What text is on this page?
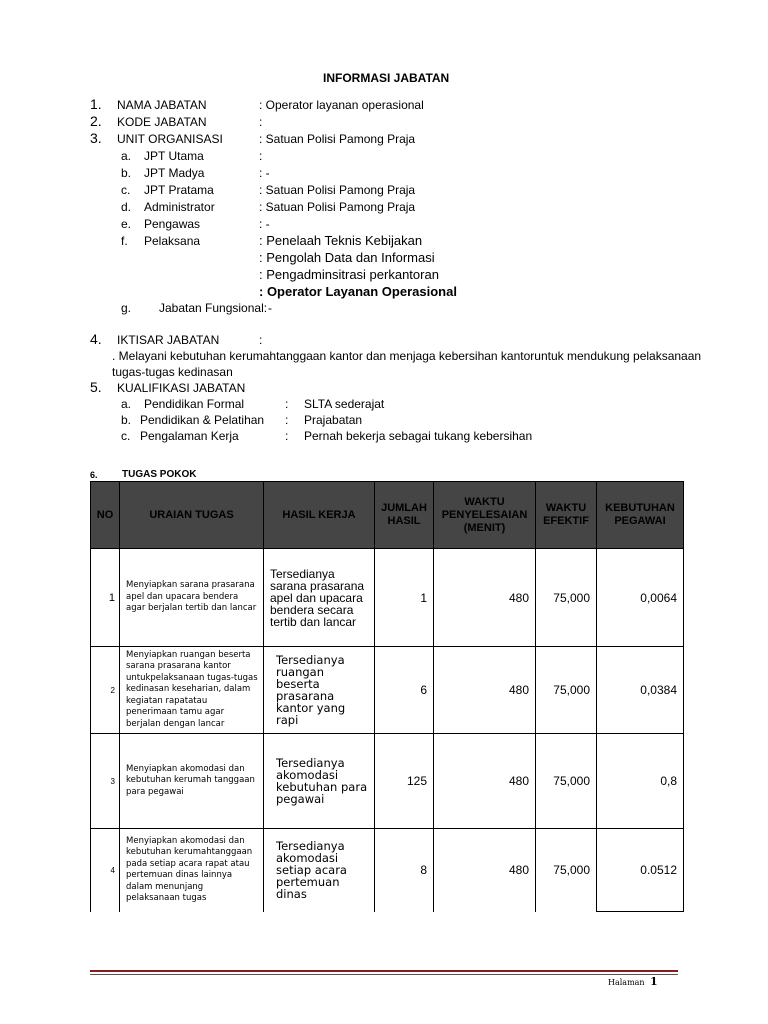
INFORMASI JABATAN
1. NAMA JABATAN	: Operator layanan operasional
2. KODE JABATAN	:
3. UNIT ORGANISASI	: Satuan Polisi Pamong Praja
a. JPT Utama	:
b. JPT Madya	: -
c. JPT Pratama	: Satuan Polisi Pamong Praja
d. Administrator	: Satuan Polisi Pamong Praja
e. Pengawas	: -
f. Pelaksana	: Penelaah Teknis Kebijakan
: Pengolah Data dan Informasi
: Pengadminsitrasi perkantoran
: Operator Layanan Operasional
g. Jabatan Fungsional: -
4. IKTISAR JABATAN	:
. Melayani kebutuhan kerumahtanggaan kantor dan menjaga kebersihan kantoruntuk mendukung pelaksanaan
tugas-tugas kedinasan
5. KUALIFIKASI JABATAN
a. Pendidikan Formal	: SLTA sederajat
b. Pendidikan & Pelatihan : Prajabatan
c. Pengalaman Kerja	: Pernah bekerja sebagai tukang kebersihan
6. TUGAS POKOK
NO	URAIAN TUGAS	HASIL KERJA	JUMLAH HASIL	WAKTU PENYELESAIAN (MENIT)	WAKTU EFEKTIF	KEBUTUHAN PEGAWAI
1	Menyiapkan sarana prasarana apel dan upacara bendera agar berjalan tertib dan lancar	Tersedianya sarana prasarana apel dan upacara bendera secara tertib dan lancar	1	480	75,000	0,0064
2	Menyiapkan ruangan beserta sarana prasarana kantor untukpelaksanaan tugas-tugas kedinasan keseharian, dalam kegiatan rapatatau penerimaan tamu agar berjalan dengan lancar	Tersedianya ruangan beserta prasarana kantor yang rapi	6	480	75,000	0,0384
3	Menyiapkan akomodasi dan kebutuhan kerumah tanggaan para pegawai	Tersedianya akomodasi kebutuhan para pegawai	125	480	75,000	0,8
4	Menyiapkan akomodasi dan kebutuhan kerumahtanggaan pada setiap acara rapat atau pertemuan dinas lainnya dalam menunjang pelaksanaan tugas	Tersedianya akomodasi setiap acara pertemuan dinas	8	480	75,000	0.0512
Halaman 1
